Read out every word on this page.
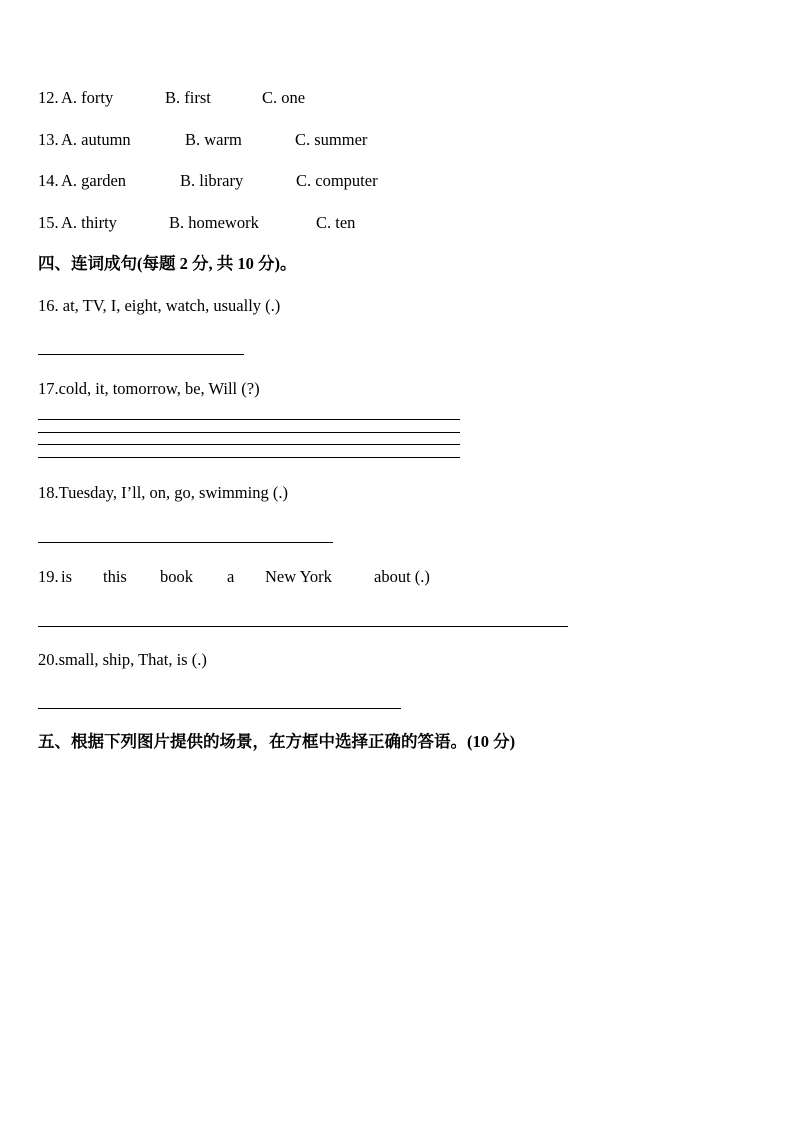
12. A. forty	B. first	C. one
13. A. autumn	B. warm	C. summer
14. A. garden	B. library	C. computer
15. A. thirty	B. homework	C. ten
四、连词成句(每题 2 分, 共 10 分)。
16. at, TV, I, eight, watch, usually (.)
17.cold, it, tomorrow, be, Will (?)
18.Tuesday, I’ll, on, go, swimming (.)
19. is this book a New York	about (.)
20.small, ship, That, is (.)
五、根据下列图片提供的场景，在方框中选择正确的答语。(10 分)
